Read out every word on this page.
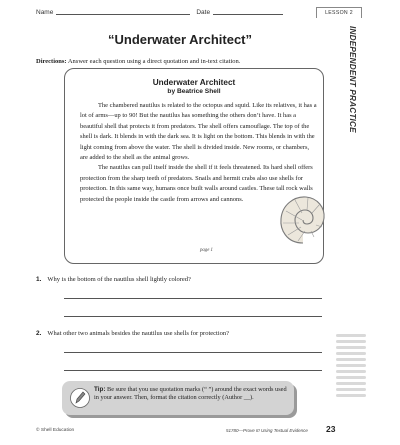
Name	Date	LESSON 2
INDEPENDENT PRACTICE
“Underwater Architect”
Directions: Answer each question using a direct quotation and in-text citation.
Underwater Architect
by Beatrice Shell

The chambered nautilus is related to the octopus and squid. Like its relatives, it has a lot of arms—up to 90! But the nautilus has something the others don’t have. It has a beautiful shell that protects it from predators. The shell offers camouflage. The top of the shell is dark. It blends in with the dark sea. It is light on the bottom. This blends in with the light coming from above the water. The shell is divided inside. New rooms, or chambers, are added to the shell as the animal grows.

The nautilus can pull itself inside the shell if it feels threatened. Its hard shell offers protection from the sharp teeth of predators. Snails and hermit crabs also use shells for protection. In this same way, humans once built walls around castles. These tall rock walls protected the people inside the castle from arrows and cannons.

page 1
1. Why is the bottom of the nautilus shell lightly colored?
2. What other two animals besides the nautilus use shells for protection?
Tip: Be sure that you use quotation marks (“ ”) around the exact words used in your answer. Then, format the citation correctly (Author __).
© Shell Education	51780—Prove It! Using Textual Evidence 23
